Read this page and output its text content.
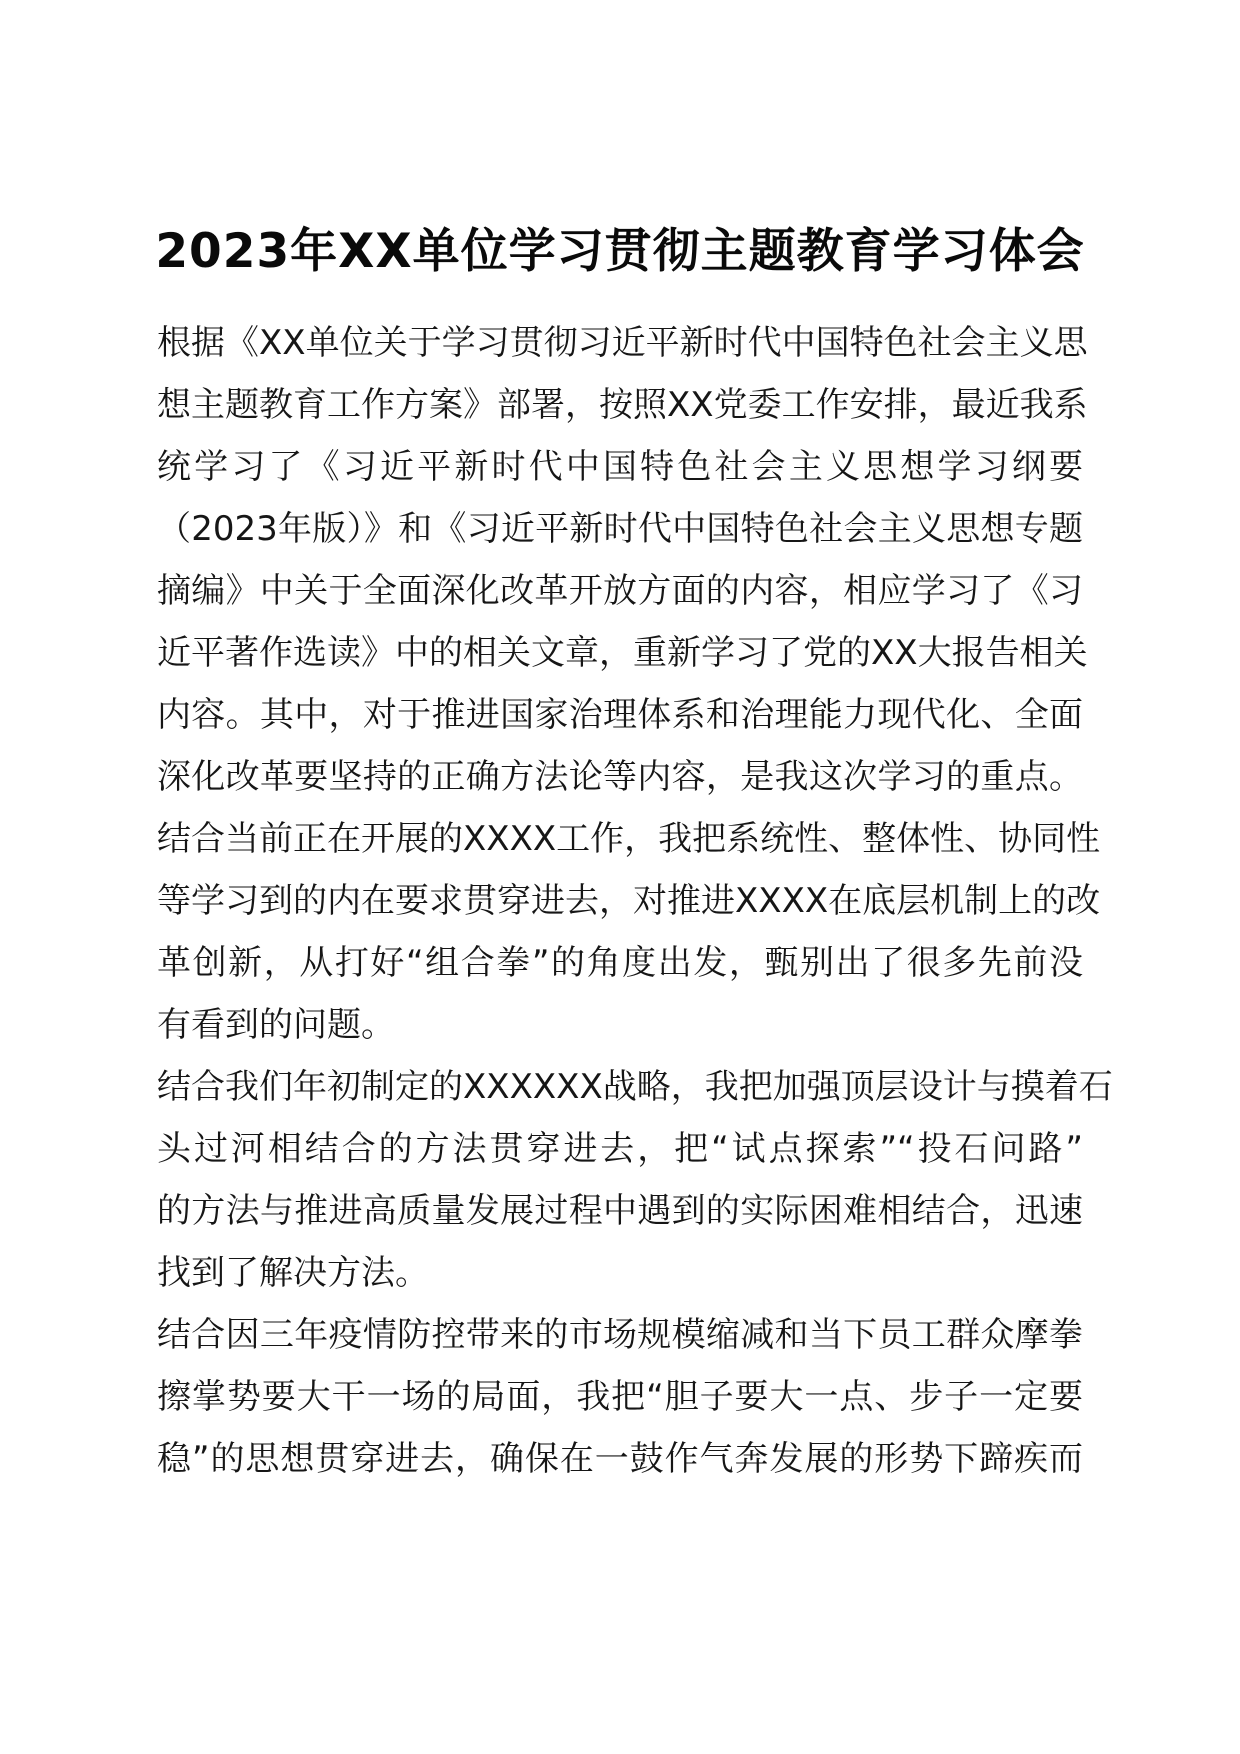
2023年XX单位学习贯彻主题教育学习体会
根据《XX单位关于学习贯彻习近平新时代中国特色社会主义思
想主题教育工作方案》部署，按照XX党委工作安排，最近我系
统学习了《习近平新时代中国特色社会主义思想学习纲要
（2023年版）》和《习近平新时代中国特色社会主义思想专题
摘编》中关于全面深化改革开放方面的内容，相应学习了《习
近平著作选读》中的相关文章，重新学习了党的XX大报告相关
内容。其中，对于推进国家治理体系和治理能力现代化、全面
深化改革要坚持的正确方法论等内容，是我这次学习的重点。
结合当前正在开展的XXXX工作，我把系统性、整体性、协同性
等学习到的内在要求贯穿进去，对推进XXXX在底层机制上的改
革创新，从打好“组合拳”的角度出发，甄别出了很多先前没
有看到的问题。
结合我们年初制定的XXXXXX战略，我把加强顶层设计与摸着石
头过河相结合的方法贯穿进去，把“试点探索”“投石问路”
的方法与推进高质量发展过程中遇到的实际困难相结合，迅速
找到了解决方法。
结合因三年疫情防控带来的市场规模缩减和当下员工群众摩拳
擦掌势要大干一场的局面，我把“胆子要大一点、步子一定要
稳”的思想贯穿进去，确保在一鼓作气奔发展的形势下蹄疾而
